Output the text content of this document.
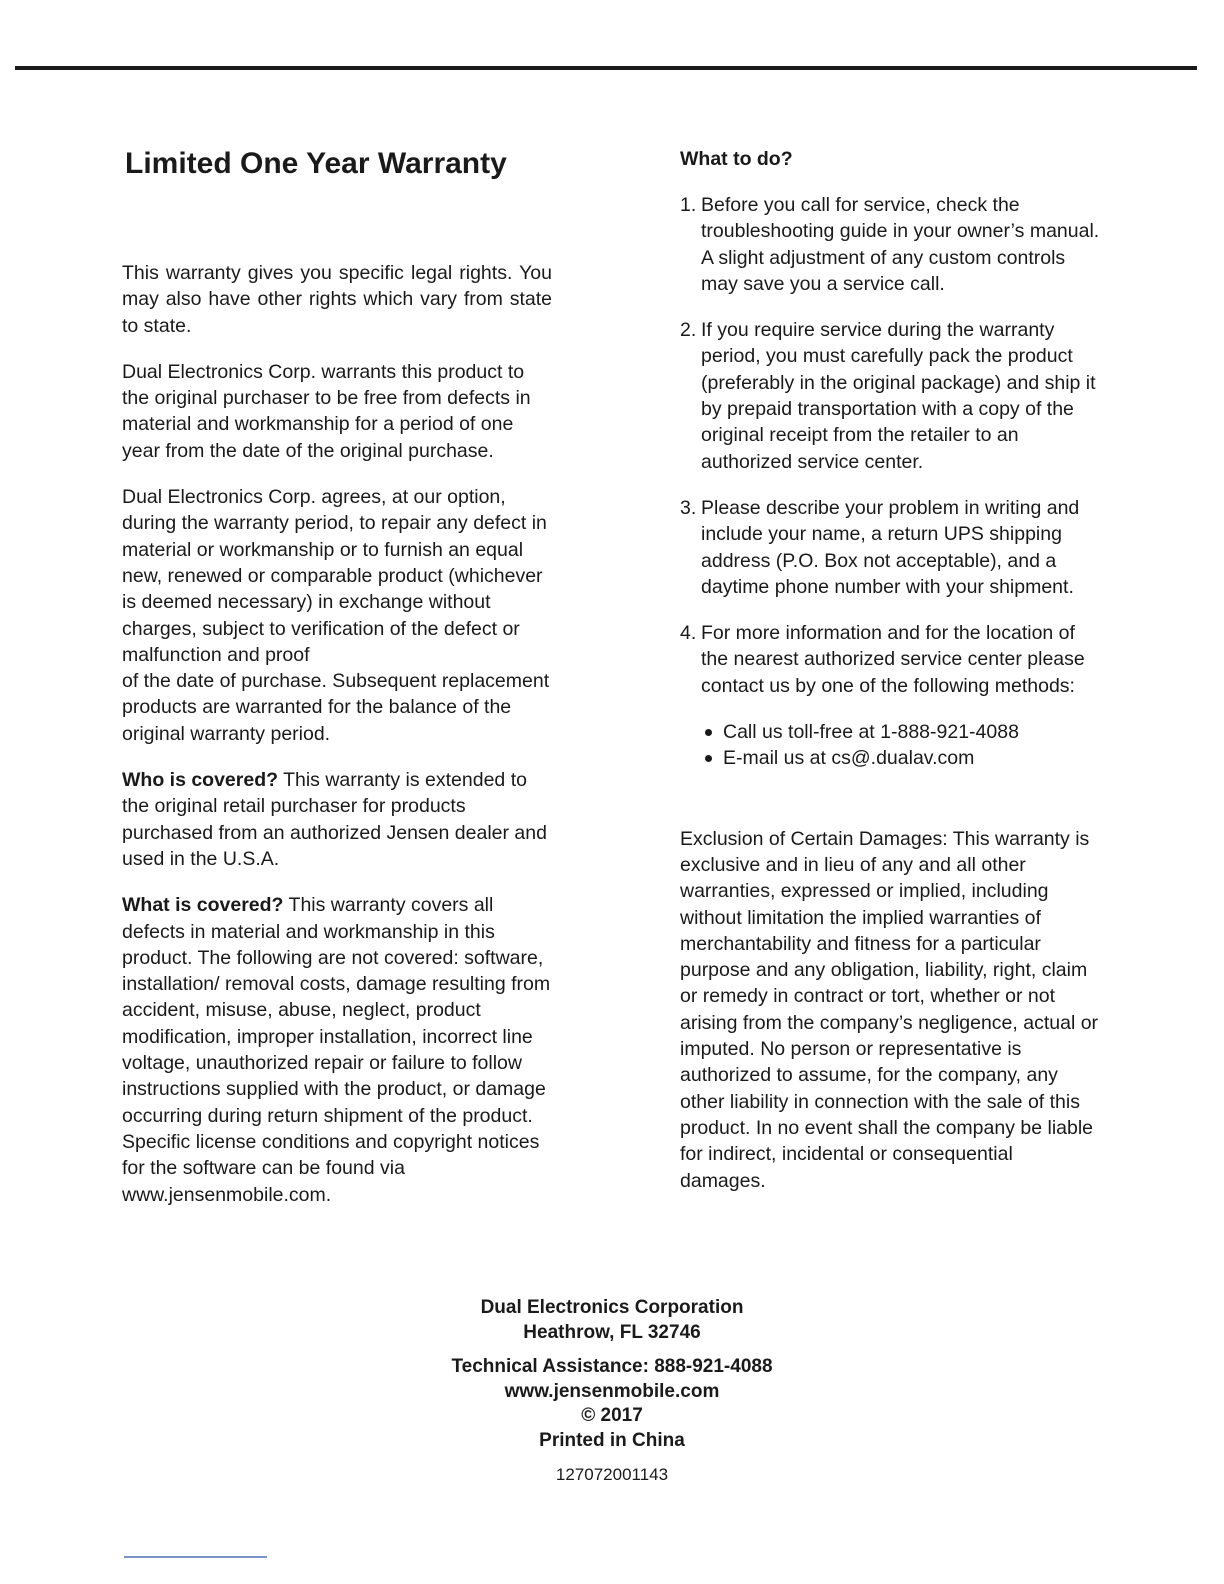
Limited One Year Warranty

This warranty gives you specific legal rights. You may also have other rights which vary from state to state.

Dual Electronics Corp. warrants this product to the original purchaser to be free from defects in material and workmanship for a period of one year from the date of the original purchase.

Dual Electronics Corp. agrees, at our option, during the warranty period, to repair any defect in material or workmanship or to furnish an equal new, renewed or comparable product (whichever is deemed necessary) in exchange without charges, subject to verification of the defect or malfunction and proof
of the date of purchase. Subsequent replacement products are warranted for the balance of the original warranty period.

Who is covered? This warranty is extended to the original retail purchaser for products purchased from an authorized Jensen dealer and used in the U.S.A.

What is covered? This warranty covers all defects in material and workmanship in this product. The following are not covered: software, installation/ removal costs, damage resulting from accident, misuse, abuse, neglect, product modification, improper installation, incorrect line voltage, unauthorized repair or failure to follow instructions supplied with the product, or damage occurring during return shipment of the product. Specific license conditions and copyright notices for the software can be found via www.jensenmobile.com.

What to do?
1. Before you call for service, check the troubleshooting guide in your owner’s manual. A slight adjustment of any custom controls may save you a service call.
2. If you require service during the warranty period, you must carefully pack the product (preferably in the original package) and ship it by prepaid transportation with a copy of the original receipt from the retailer to an authorized service center.
3. Please describe your problem in writing and include your name, a return UPS shipping address (P.O. Box not acceptable), and a daytime phone number with your shipment.
4. For more information and for the location of the nearest authorized service center please contact us by one of the following methods:
Call us toll-free at 1-888-921-4088
E-mail us at cs@.dualav.com

Exclusion of Certain Damages: This warranty is exclusive and in lieu of any and all other warranties, expressed or implied, including without limitation the implied warranties of merchantability and fitness for a particular purpose and any obligation, liability, right, claim or remedy in contract or tort, whether or not arising from the company’s negligence, actual or imputed. No person or representative is authorized to assume, for the company, any other liability in connection with the sale of this product. In no event shall the company be liable for indirect, incidental or consequential damages.

Dual Electronics Corporation
Heathrow, FL 32746
Technical Assistance: 888-921-4088
www.jensenmobile.com
© 2017
Printed in China
127072001143
